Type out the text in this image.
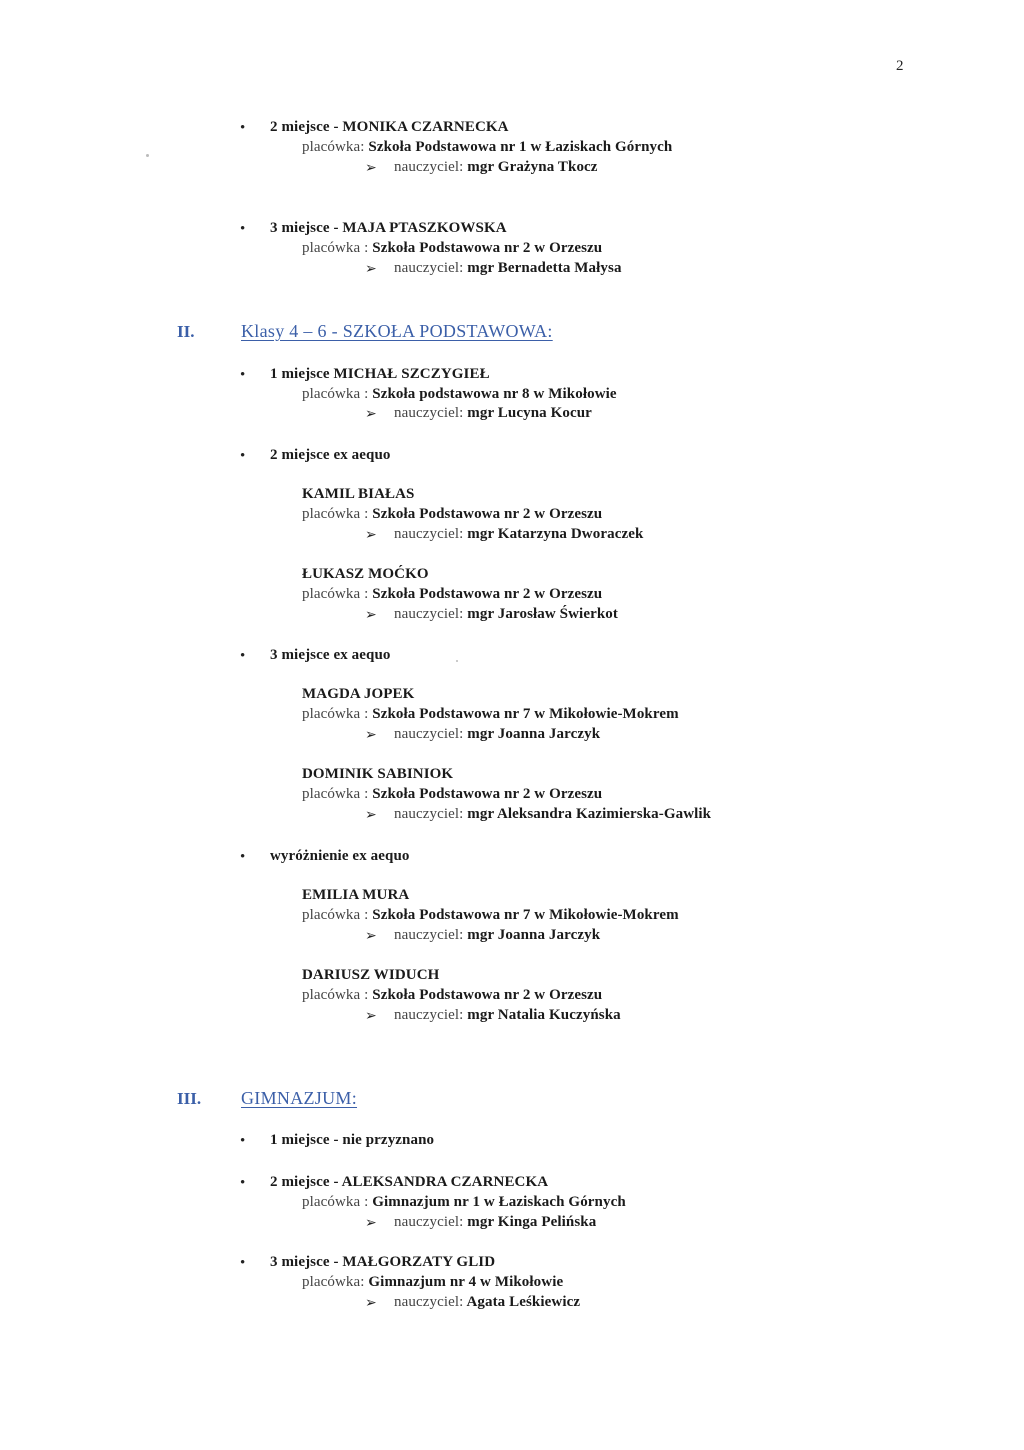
2
• 2 miejsce - MONIKA CZARNECKA
placówka: Szkoła Podstawowa nr 1 w Łaziskach Górnych
➢ nauczyciel: mgr Grażyna Tkocz
• 3 miejsce - MAJA PTASZKOWSKA
placówka : Szkoła Podstawowa nr 2 w Orzeszu
➢ nauczyciel: mgr Bernadetta Małysa
II.	Klasy 4 – 6 - SZKOŁA PODSTAWOWA:
• 1 miejsce MICHAŁ SZCZYGIEŁ
placówka : Szkoła podstawowa nr 8 w Mikołowie
➢ nauczyciel: mgr Lucyna Kocur
• 2 miejsce ex aequo
KAMIL BIAŁAS
placówka : Szkoła Podstawowa nr 2 w Orzeszu
➢ nauczyciel: mgr Katarzyna Dworaczek
ŁUKASZ MOĆKO
placówka : Szkoła Podstawowa nr 2 w Orzeszu
➢ nauczyciel: mgr Jarosław Świerkot
• 3 miejsce ex aequo
MAGDA JOPEK
placówka : Szkoła Podstawowa nr 7 w Mikołowie-Mokrem
➢ nauczyciel: mgr Joanna Jarczyk
DOMINIK SABINIOK
placówka : Szkoła Podstawowa nr 2 w Orzeszu
➢ nauczyciel: mgr Aleksandra Kazimierska-Gawlik
• wyróżnienie ex aequo
EMILIA MURA
placówka : Szkoła Podstawowa nr 7 w Mikołowie-Mokrem
➢ nauczyciel: mgr Joanna Jarczyk
DARIUSZ WIDUCH
placówka : Szkoła Podstawowa nr 2 w Orzeszu
➢ nauczyciel: mgr Natalia Kuczyńska
III. GIMNAZJUM:
• 1 miejsce - nie przyznano
• 2 miejsce - ALEKSANDRA CZARNECKA
placówka : Gimnazjum nr 1 w Łaziskach Górnych
➢ nauczyciel: mgr Kinga Pelińska
• 3 miejsce - MAŁGORZATY GLID
placówka: Gimnazjum nr 4 w Mikołowie
➢ nauczyciel: Agata Leśkiewicz
